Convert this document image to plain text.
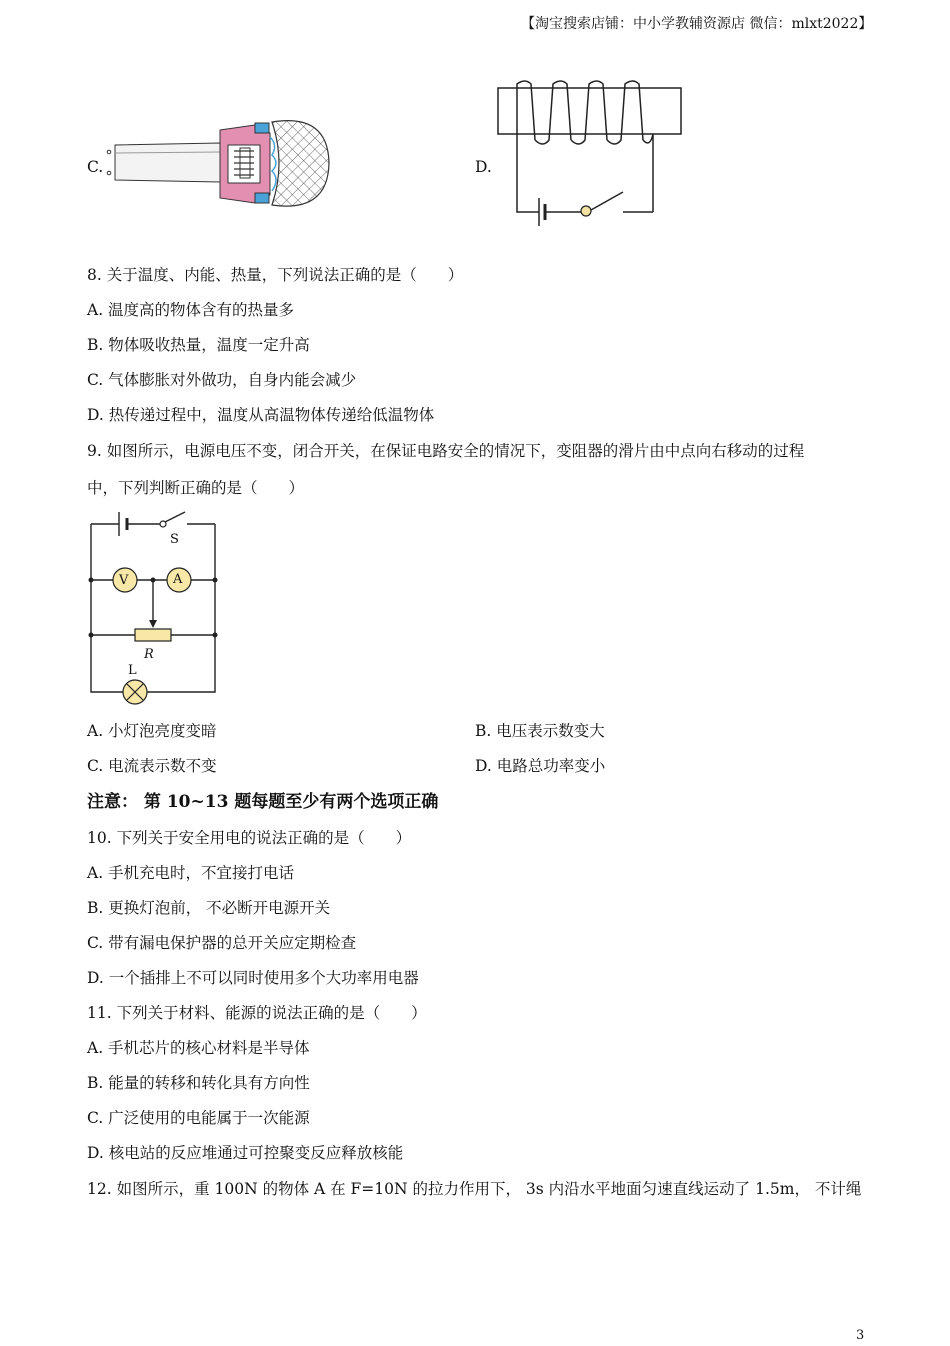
【淘宝搜索店铺：中小学教辅资源店 微信：mlxt2022】
C.	D.
8. 关于温度、内能、热量，下列说法正确的是（　　）
A. 温度高的物体含有的热量多
B. 物体吸收热量，温度一定升高
C. 气体膨胀对外做功，自身内能会减少
D. 热传递过程中，温度从高温物体传递给低温物体
9. 如图所示，电源电压不变，闭合开关，在保证电路安全的情况下，变阻器的滑片由中点向右移动的过程
中，下列判断正确的是（　　）
S
V	A
R
L
A. 小灯泡亮度变暗	B. 电压表示数变大
C. 电流表示数不变	D. 电路总功率变小
注意： 第 10~13 题每题至少有两个选项正确
10. 下列关于安全用电的说法正确的是（　　）
A. 手机充电时，不宜接打电话
B. 更换灯泡前， 不必断开电源开关
C. 带有漏电保护器的总开关应定期检查
D. 一个插排上不可以同时使用多个大功率用电器
11. 下列关于材料、能源的说法正确的是（　　）
A. 手机芯片的核心材料是半导体
B. 能量的转移和转化具有方向性
C. 广泛使用的电能属于一次能源
D. 核电站的反应堆通过可控聚变反应释放核能
12. 如图所示，重 100N 的物体 A 在 F=10N 的拉力作用下， 3s 内沿水平地面匀速直线运动了 1.5m， 不计绳
3
